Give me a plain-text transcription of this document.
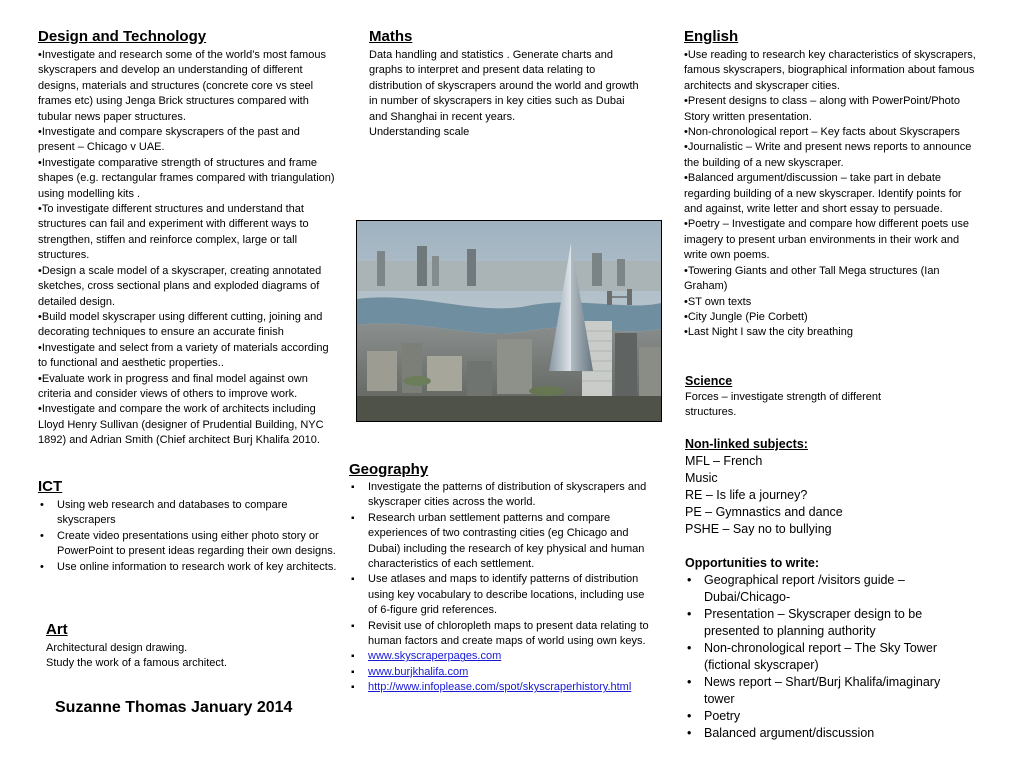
Design and Technology
•Investigate and research some of the world’s most famous skyscrapers and develop an understanding of different designs, materials and structures (concrete core vs steel frames etc) using Jenga Brick structures compared with tubular news paper structures.
•Investigate and compare skyscrapers of the past and present – Chicago v UAE.
•Investigate comparative strength of structures and frame shapes (e.g. rectangular frames compared with triangulation) using modelling kits .
•To investigate different structures and understand that structures can fail and experiment with different ways to strengthen, stiffen and reinforce complex, large or tall structures.
•Design a scale model of a skyscraper, creating annotated sketches, cross sectional plans and exploded diagrams of detailed design.
•Build model skyscraper using different cutting, joining and decorating techniques to ensure an accurate finish
•Investigate and select from a variety of materials according to functional and aesthetic properties..
•Evaluate work in progress and final model against own criteria and consider views of others to improve work.
•Investigate and compare the work of architects including Lloyd Henry Sullivan (designer of Prudential Building, NYC 1892) and Adrian Smith (Chief architect Burj Khalifa 2010.
ICT
• Using web research and databases to compare skyscrapers
• Create video presentations using either photo story or PowerPoint to present ideas regarding their own designs.
• Use online information to research work of key architects.
Art
Architectural design drawing.
Study the work of a famous architect.
Suzanne Thomas January 2014
Maths
Data handling and statistics . Generate charts and graphs to interpret and present data relating to distribution of skyscrapers around the world and growth in number of skyscrapers in key cities such as Dubai and Shanghai in recent years.
Understanding scale
Geography
▪ Investigate the patterns of distribution of skyscrapers and skyscraper cities across the world.
▪ Research urban settlement patterns and compare experiences of two contrasting cities (eg Chicago and Dubai) including the research of key physical and human characteristics of each settlement.
▪ Use atlases and maps to identify patterns of distribution using key vocabulary to describe locations, including use of 6-figure grid references.
▪ Revisit use of chloropleth maps to present data relating to human factors and create maps of world using own keys.
▪ www.skyscraperpages.com
▪ www.burjkhalifa.com
▪ http://www.infoplease.com/spot/skyscraperhistory.html
English
•Use reading to research key characteristics of skyscrapers, famous skyscrapers, biographical information about famous architects and skyscraper cities.
•Present designs to class – along with PowerPoint/Photo Story written presentation.
•Non-chronological report – Key facts about Skyscrapers
•Journalistic – Write and present news reports to announce the building of a new skyscraper.
•Balanced argument/discussion – take part in debate regarding building of a new skyscraper. Identify points for and against, write letter and short essay to persuade.
•Poetry – Investigate and compare how different poets use imagery to present urban environments in their work and write own poems.
•Towering Giants and other Tall Mega structures (Ian Graham)
•ST own texts
•City Jungle (Pie Corbett)
•Last Night I saw the city breathing
Science
Forces – investigate strength of different structures.
Non-linked subjects:
MFL – French
Music
RE – Is life a journey?
PE – Gymnastics and dance
PSHE – Say no to bullying
Opportunities to write:
• Geographical report /visitors guide – Dubai/Chicago-
• Presentation – Skyscraper design to be presented to planning authority
• Non-chronological report – The Sky Tower (fictional skyscraper)
• News report – Shart/Burj Khalifa/imaginary tower
• Poetry
• Balanced argument/discussion
